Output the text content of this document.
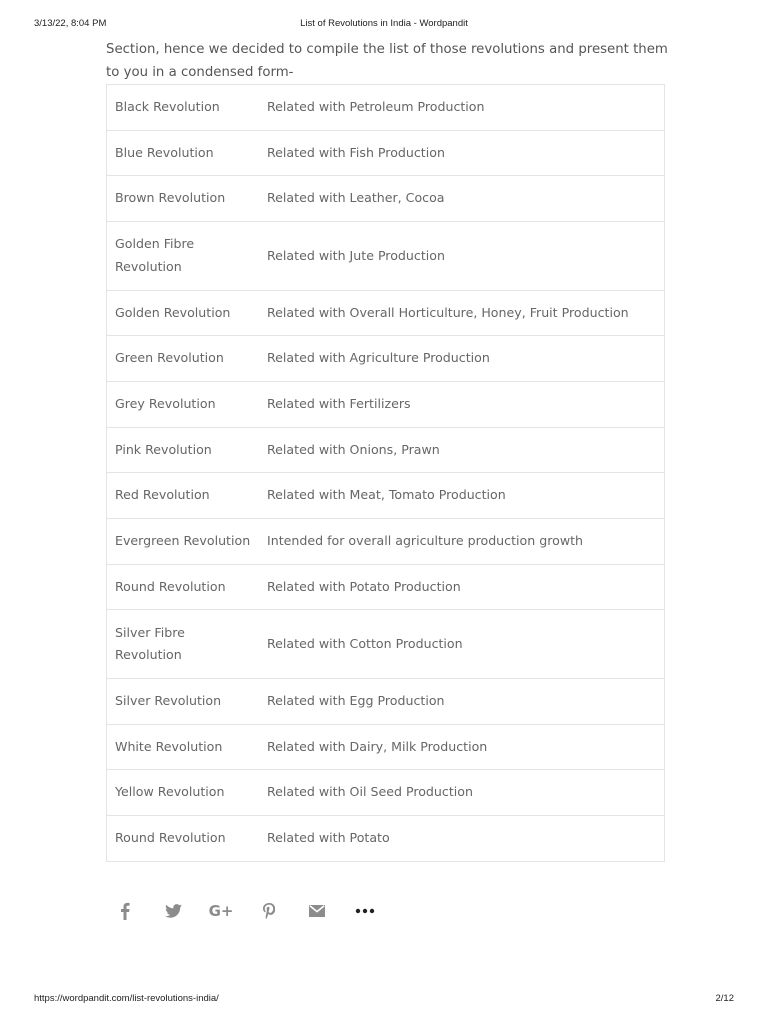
3/13/22, 8:04 PM	List of Revolutions in India - Wordpandit

Section, hence we decided to compile the list of those revolutions and present them to you in a condensed form-

Black Revolution	Related with Petroleum Production
Blue Revolution	Related with Fish Production
Brown Revolution	Related with Leather, Cocoa
Golden Fibre Revolution	Related with Jute Production
Golden Revolution	Related with Overall Horticulture, Honey, Fruit Production
Green Revolution	Related with Agriculture Production
Grey Revolution	Related with Fertilizers
Pink Revolution	Related with Onions, Prawn
Red Revolution	Related with Meat, Tomato Production
Evergreen Revolution	Intended for overall agriculture production growth
Round Revolution	Related with Potato Production
Silver Fibre Revolution	Related with Cotton Production
Silver Revolution	Related with Egg Production
White Revolution	Related with Dairy, Milk Production
Yellow Revolution	Related with Oil Seed Production
Round Revolution	Related with Potato
G+
https://wordpandit.com/list-revolutions-india/	2/12
